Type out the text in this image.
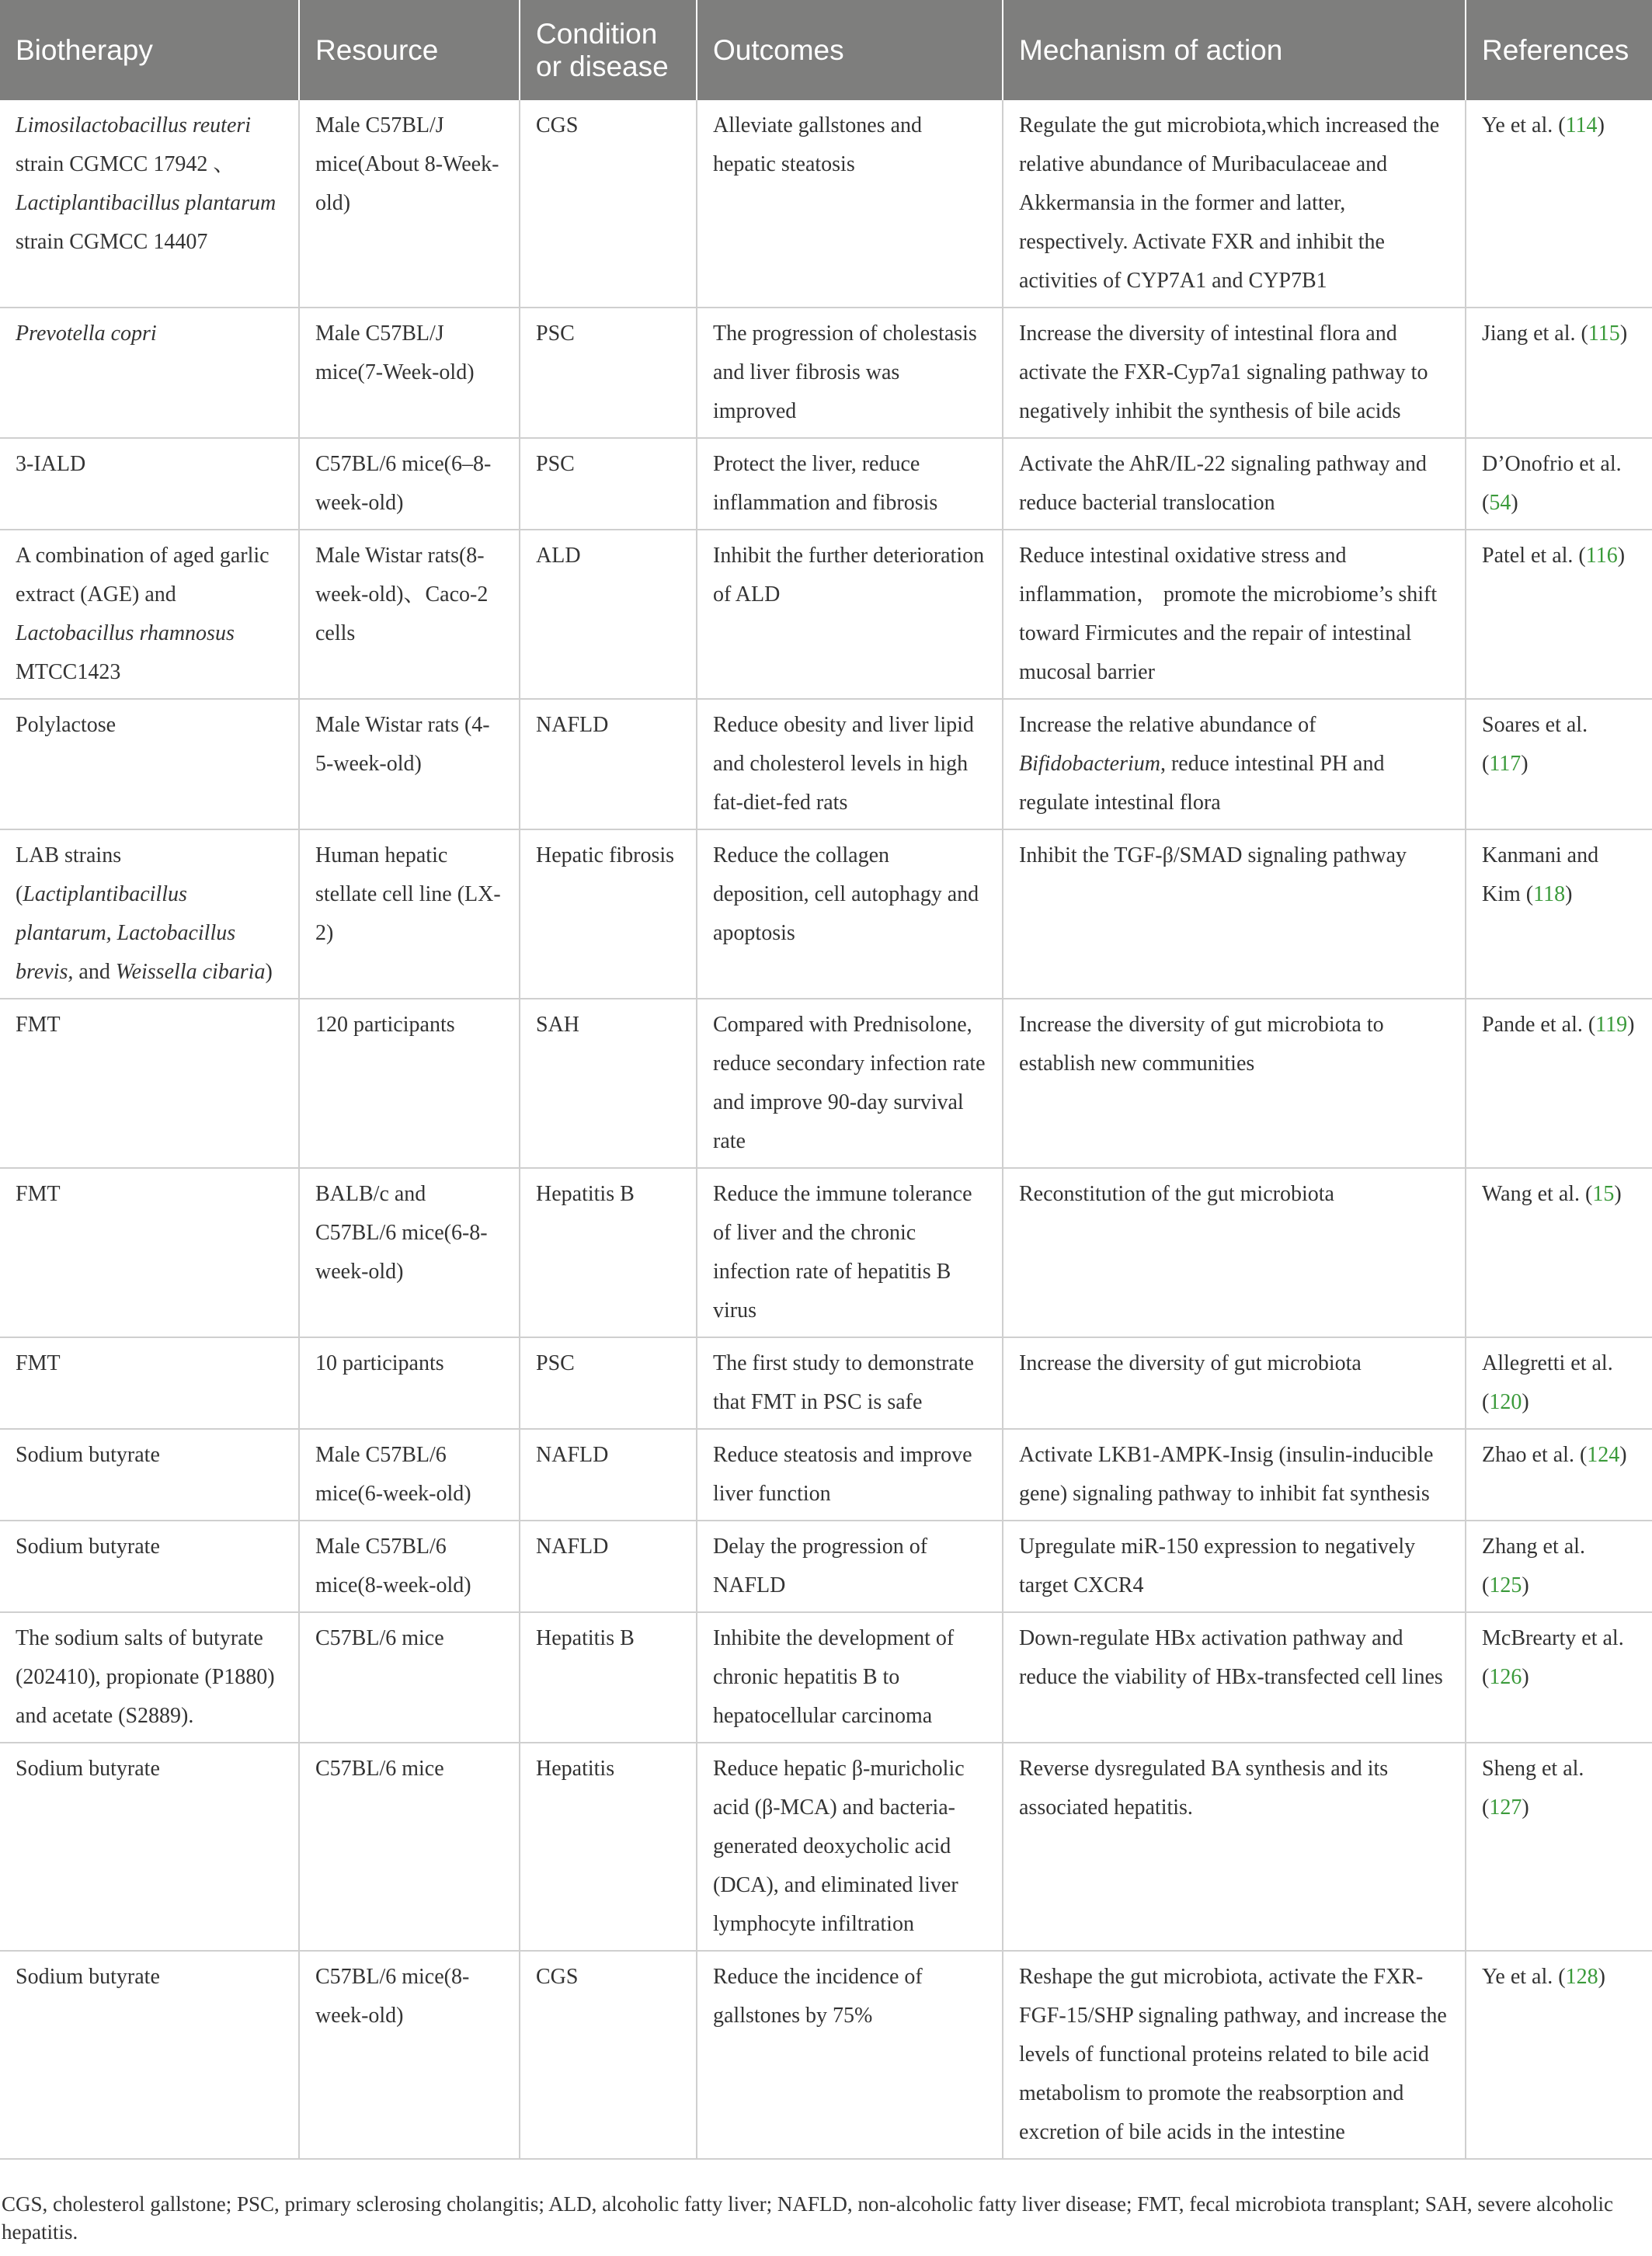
Biotherapy	Resource	Condition or disease	Outcomes	Mechanism of action	References
Limosilactobacillus reuteri strain CGMCC 17942 、Lactiplantibacillus plantarum strain CGMCC 14407	Male C57BL/J mice(About 8-Week-old)	CGS	Alleviate gallstones and hepatic steatosis	Regulate the gut microbiota,which increased the relative abundance of Muribaculaceae and Akkermansia in the former and latter, respectively. Activate FXR and inhibit the activities of CYP7A1 and CYP7B1	Ye et al. (114)
Prevotella copri	Male C57BL/J mice(7-Week-old)	PSC	The progression of cholestasis and liver fibrosis was improved	Increase the diversity of intestinal flora and activate the FXR-Cyp7a1 signaling pathway to negatively inhibit the synthesis of bile acids	Jiang et al. (115)
3-IALD	C57BL/6 mice(6–8-week-old)	PSC	Protect the liver, reduce inflammation and fibrosis	Activate the AhR/IL-22 signaling pathway and reduce bacterial translocation	D’Onofrio et al. (54)
A combination of aged garlic extract (AGE) and Lactobacillus rhamnosus MTCC1423	Male Wistar rats(8-week-old)、Caco-2 cells	ALD	Inhibit the further deterioration of ALD	Reduce intestinal oxidative stress and inflammation， promote the microbiome’s shift toward Firmicutes and the repair of intestinal mucosal barrier	Patel et al. (116)
Polylactose	Male Wistar rats (4-5-week-old)	NAFLD	Reduce obesity and liver lipid and cholesterol levels in high fat-diet-fed rats	Increase the relative abundance of Bifidobacterium, reduce intestinal PH and regulate intestinal flora	Soares et al. (117)
LAB strains (Lactiplantibacillus plantarum, Lactobacillus brevis, and Weissella cibaria)	Human hepatic stellate cell line (LX-2)	Hepatic fibrosis	Reduce the collagen deposition, cell autophagy and apoptosis	Inhibit the TGF-β/SMAD signaling pathway	Kanmani and Kim (118)
FMT	120 participants	SAH	Compared with Prednisolone, reduce secondary infection rate and improve 90-day survival rate	Increase the diversity of gut microbiota to establish new communities	Pande et al. (119)
FMT	BALB/c and C57BL/6 mice(6-8-week-old)	Hepatitis B	Reduce the immune tolerance of liver and the chronic infection rate of hepatitis B virus	Reconstitution of the gut microbiota	Wang et al. (15)
FMT	10 participants	PSC	The first study to demonstrate that FMT in PSC is safe	Increase the diversity of gut microbiota	Allegretti et al. (120)
Sodium butyrate	Male C57BL/6 mice(6-week-old)	NAFLD	Reduce steatosis and improve liver function	Activate LKB1-AMPK-Insig (insulin-inducible gene) signaling pathway to inhibit fat synthesis	Zhao et al. (124)
Sodium butyrate	Male C57BL/6 mice(8-week-old)	NAFLD	Delay the progression of NAFLD	Upregulate miR-150 expression to negatively target CXCR4	Zhang et al. (125)
The sodium salts of butyrate (202410), propionate (P1880) and acetate (S2889).	C57BL/6 mice	Hepatitis B	Inhibite the development of chronic hepatitis B to hepatocellular carcinoma	Down-regulate HBx activation pathway and reduce the viability of HBx-transfected cell lines	McBrearty et al. (126)
Sodium butyrate	C57BL/6 mice	Hepatitis	Reduce hepatic β-muricholic acid (β-MCA) and bacteria-generated deoxycholic acid (DCA), and eliminated liver lymphocyte infiltration	Reverse dysregulated BA synthesis and its associated hepatitis.	Sheng et al. (127)
Sodium butyrate	C57BL/6 mice(8-week-old)	CGS	Reduce the incidence of gallstones by 75%	Reshape the gut microbiota, activate the FXR-FGF-15/SHP signaling pathway, and increase the levels of functional proteins related to bile acid metabolism to promote the reabsorption and excretion of bile acids in the intestine	Ye et al. (128)
CGS, cholesterol gallstone; PSC, primary sclerosing cholangitis; ALD, alcoholic fatty liver; NAFLD, non-alcoholic fatty liver disease; FMT, fecal microbiota transplant; SAH, severe alcoholic hepatitis.
